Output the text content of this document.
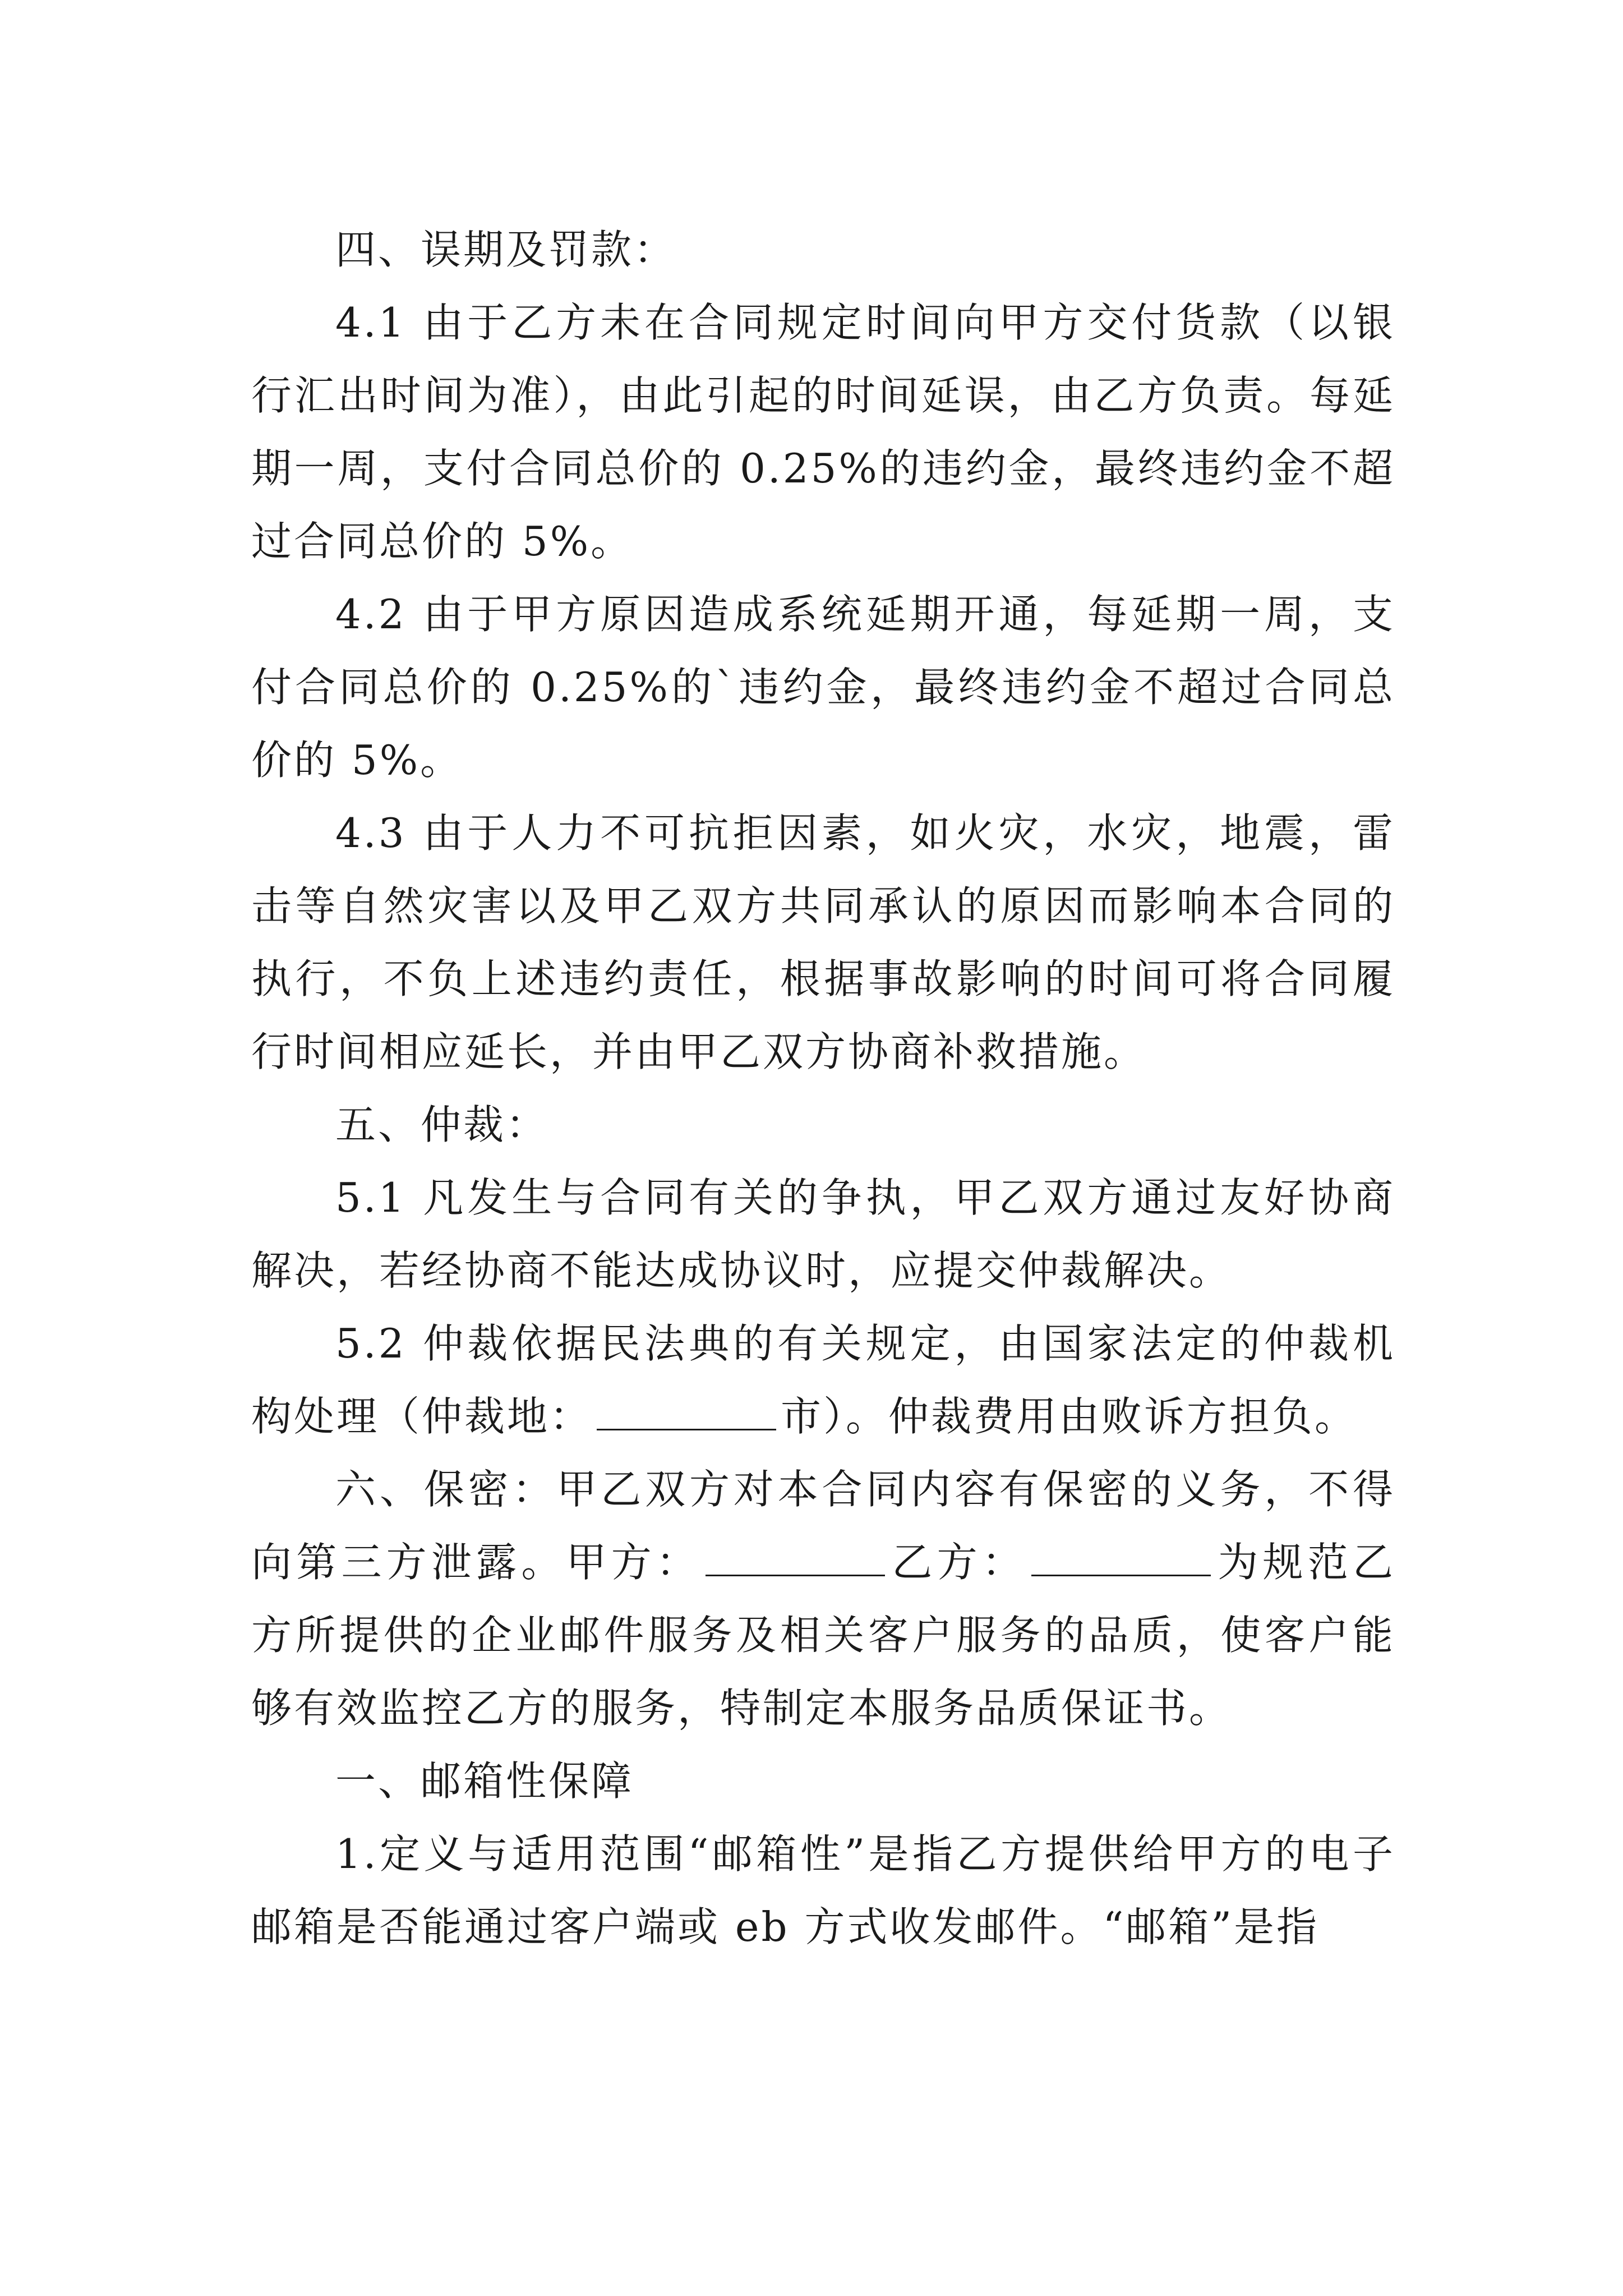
四、误期及罚款：

4.1 由于乙方未在合同规定时间向甲方交付货款（以银行汇出时间为准），由此引起的时间延误，由乙方负责。每延期一周，支付合同总价的 0.25%的违约金，最终违约金不超过合同总价的 5%。

4.2 由于甲方原因造成系统延期开通，每延期一周，支付合同总价的 0.25%的`违约金，最终违约金不超过合同总价的 5%。

4.3 由于人力不可抗拒因素，如火灾，水灾，地震，雷击等自然灾害以及甲乙双方共同承认的原因而影响本合同的执行，不负上述违约责任，根据事故影响的时间可将合同履行时间相应延长，并由甲乙双方协商补救措施。

五、仲裁：

5.1 凡发生与合同有关的争执，甲乙双方通过友好协商解决，若经协商不能达成协议时，应提交仲裁解决。

5.2 仲裁依据民法典的有关规定，由国家法定的仲裁机构处理（仲裁地：	市）。仲裁费用由败诉方担负。

六、保密：甲乙双方对本合同内容有保密的义务，不得向第三方泄露。甲方：	乙方：	为规范乙方所提供的企业邮件服务及相关客户服务的品质，使客户能够有效监控乙方的服务，特制定本服务品质保证书。

一、邮箱性保障

1.定义与适用范围“邮箱性”是指乙方提供给甲方的电子邮箱是否能通过客户端或 eb 方式收发邮件。“邮箱”是指
